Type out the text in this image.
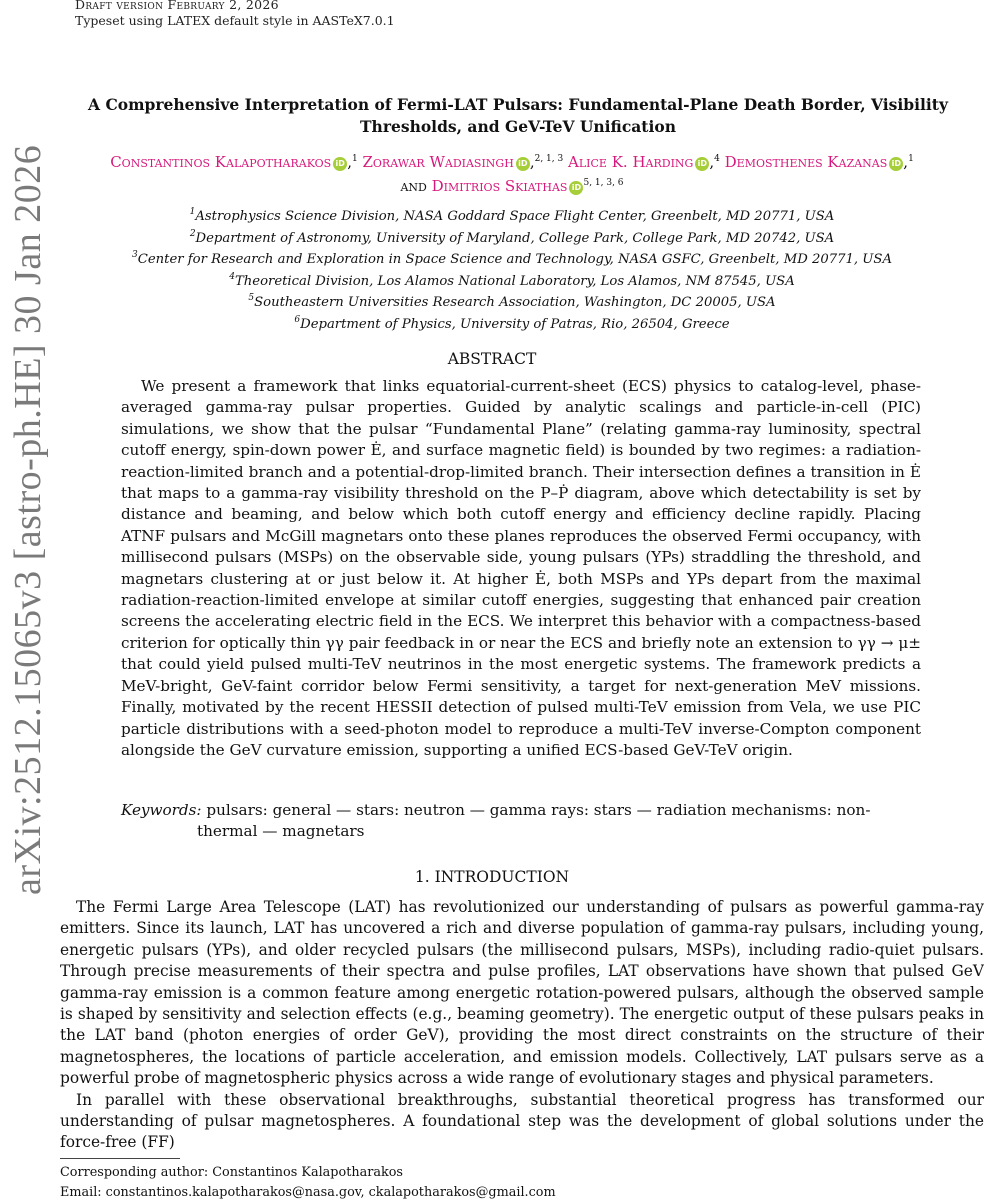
Draft version February 2, 2026
Typeset using LATEX default style in AASTeX7.0.1
arXiv:2512.15065v3 [astro-ph.HE] 30 Jan 2026
A Comprehensive Interpretation of Fermi-LAT Pulsars: Fundamental-Plane Death Border, Visibility Thresholds, and GeV-TeV Unification
Constantinos Kalapotharakos iD ,$^1$ Zorawar Wadiasingh iD ,$^{2, 1, 3}$ Alice K. Harding iD ,$^4$ Demosthenes Kazanas iD ,$^1$
and Dimitrios Skiathas iD $^{5, 1, 3, 6}$
$^1$Astrophysics Science Division, NASA Goddard Space Flight Center, Greenbelt, MD 20771, USA
$^2$Department of Astronomy, University of Maryland, College Park, College Park, MD 20742, USA
$^3$Center for Research and Exploration in Space Science and Technology, NASA GSFC, Greenbelt, MD 20771, USA
$^4$Theoretical Division, Los Alamos National Laboratory, Los Alamos, NM 87545, USA
$^5$Southeastern Universities Research Association, Washington, DC 20005, USA
$^6$Department of Physics, University of Patras, Rio, 26504, Greece
ABSTRACT

We present a framework that links equatorial-current-sheet (ECS) physics to catalog-level, phase-averaged gamma-ray pulsar properties. Guided by analytic scalings and particle-in-cell (PIC) simulations, we show that the pulsar “Fundamental Plane” (relating gamma-ray luminosity, spectral cutoff energy, spin-down power Ė, and surface magnetic field) is bounded by two regimes: a radiation-reaction-limited branch and a potential-drop-limited branch. Their intersection defines a transition in Ė that maps to a gamma-ray visibility threshold on the P–Ṗ diagram, above which detectability is set by distance and beaming, and below which both cutoff energy and efficiency decline rapidly. Placing ATNF pulsars and McGill magnetars onto these planes reproduces the observed Fermi occupancy, with millisecond pulsars (MSPs) on the observable side, young pulsars (YPs) straddling the threshold, and magnetars clustering at or just below it. At higher Ė, both MSPs and YPs depart from the maximal radiation-reaction-limited envelope at similar cutoff energies, suggesting that enhanced pair creation screens the accelerating electric field in the ECS. We interpret this behavior with a compactness-based criterion for optically thin γγ pair feedback in or near the ECS and briefly note an extension to γγ → μ± that could yield pulsed multi-TeV neutrinos in the most energetic systems. The framework predicts a MeV-bright, GeV-faint corridor below Fermi sensitivity, a target for next-generation MeV missions. Finally, motivated by the recent HESSII detection of pulsed multi-TeV emission from Vela, we use PIC particle distributions with a seed-photon model to reproduce a multi-TeV inverse-Compton component alongside the GeV curvature emission, supporting a unified ECS-based GeV-TeV origin.

Keywords: pulsars: general — stars: neutron — gamma rays: stars — radiation mechanisms: non-thermal — magnetars
1. INTRODUCTION

The Fermi Large Area Telescope (LAT) has revolutionized our understanding of pulsars as powerful gamma-ray emitters. Since its launch, LAT has uncovered a rich and diverse population of gamma-ray pulsars, including young, energetic pulsars (YPs), and older recycled pulsars (the millisecond pulsars, MSPs), including radio-quiet pulsars. Through precise measurements of their spectra and pulse profiles, LAT observations have shown that pulsed GeV gamma-ray emission is a common feature among energetic rotation-powered pulsars, although the observed sample is shaped by sensitivity and selection effects (e.g., beaming geometry). The energetic output of these pulsars peaks in the LAT band (photon energies of order GeV), providing the most direct constraints on the structure of their magnetospheres, the locations of particle acceleration, and emission models. Collectively, LAT pulsars serve as a powerful probe of magnetospheric physics across a wide range of evolutionary stages and physical parameters.

In parallel with these observational breakthroughs, substantial theoretical progress has transformed our understanding of pulsar magnetospheres. A foundational step was the development of global solutions under the force-free (FF)

Corresponding author: Constantinos Kalapotharakos
Email: constantinos.kalapotharakos@nasa.gov, ckalapotharakos@gmail.com
